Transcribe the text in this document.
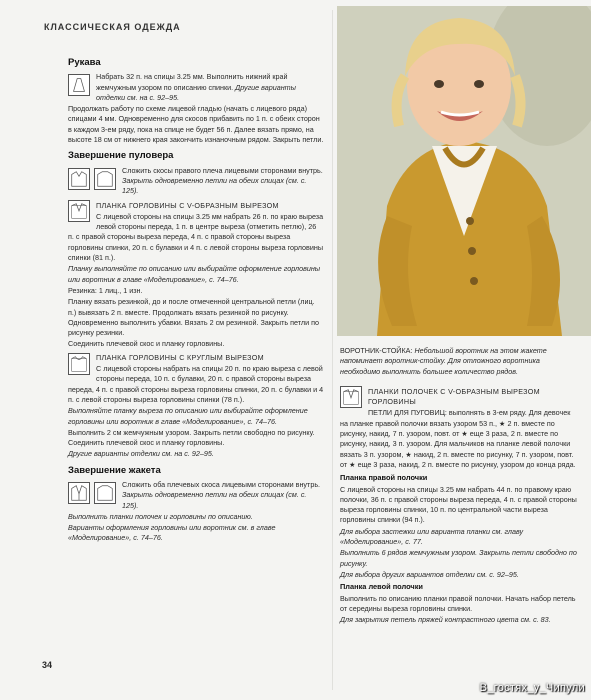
КЛАССИЧЕСКАЯ ОДЕЖДА
Рукава

Набрать 32 п. на спицы 3.25 мм. Выполнить нижний край жемчужным узором по описанию спинки. Другие варианты отделки см. на с. 92–95.

Продолжать работу по схеме лицевой гладью (начать с лицевого ряда) спицами 4 мм. Одновременно для скосов прибавить по 1 п. с обеих сторон в каждом 3-ем ряду, пока на спице не будет 56 п. Далее вязать прямо, на высоте 18 см от нижнего края закончить изнаночным рядом. Закрыть петли.

Завершение пуловера

Сложить скосы правого плеча лицевыми сторонами внутрь. Закрыть одновременно петли на обеих спицах (см. с. 125).

ПЛАНКА ГОРЛОВИНЫ С V-ОБРАЗНЫМ ВЫРЕЗОМ

С лицевой стороны на спицы 3.25 мм набрать 26 п. по краю выреза левой стороны переда, 1 п. в центре выреза (отметить петлю), 26 п. с правой стороны выреза переда, 4 п. с правой стороны выреза горловины спинки, 20 п. с булавки и 4 п. с левой стороны выреза горловины спинки (81 п.).

Планку выполняйте по описанию или выбирайте оформление горловины или воротник в главе «Моделирование», с. 74–76.

Резинка: 1 лиц., 1 изн.

Планку вязать резинкой, до и после отмеченной центральной петли (лиц. п.) вывязать 2 п. вместе. Продолжать вязать резинкой по рисунку. Одновременно выполнить убавки. Вязать 2 см резинкой. Закрыть петли по рисунку резинки.

Соединить плечевой скос и планку горловины.

ПЛАНКА ГОРЛОВИНЫ С КРУГЛЫМ ВЫРЕЗОМ

С лицевой стороны набрать на спицы 20 п. по краю выреза с левой стороны переда, 10 п. с булавки, 20 п. с правой стороны выреза переда, 4 п. с правой стороны выреза горловины спинки, 20 п. с булавки и 4 п. с левой стороны выреза горловины спинки (78 п.).

Выполняйте планку выреза по описанию или выбирайте оформление горловины или воротник в главе «Моделирование», с. 74–76.

Выполнить 2 см жемчужным узором. Закрыть петли свободно по рисунку. Соединить плечевой скос и планку горловины.

Другие варианты отделки см. на с. 92–95.

Завершение жакета

Сложить оба плечевых скоса лицевыми сторонами внутрь. Закрыть одновременно петли на обеих спицах (см. с. 125).

Выполнить планки полочек и горловины по описанию.

Варианты оформления горловины или воротник см. в главе «Моделирование», с. 74–76.

34

ВОРОТНИК-СТОЙКА: Небольшой воротник на этом жакете напоминает воротник-стойку. Для отложного воротника необходимо выполнить большее количество рядов.

ПЛАНКИ ПОЛОЧЕК С V-ОБРАЗНЫМ ВЫРЕЗОМ ГОРЛОВИНЫ

ПЕТЛИ ДЛЯ ПУГОВИЦ: выполнять в 3-ем ряду. Для девочек на планке правой полочки вязать узором 53 п., ★ 2 п. вместе по рисунку, накид, 7 п. узором, повт. от ★ еще 3 раза, 2 п. вместе по рисунку, накид, 3 п. узором. Для мальчиков на планке левой полочки вязать 3 п. узором, ★ накид, 2 п. вместе по рисунку, 7 п. узором, повт. от ★ еще 3 раза, накид, 2 п. вместе по рисунку, узором до конца ряда.

Планка правой полочки

С лицевой стороны на спицы 3.25 мм набрать 44 п. по правому краю полочки, 36 п. с правой стороны выреза переда, 4 п. с правой стороны выреза горловины спинки, 10 п. по центральной части выреза горловины спинки (94 п.).

Для выбора застежки или варианта планки см. главу «Моделирование», с. 77.

Выполнить 6 рядов жемчужным узором. Закрыть петли свободно по рисунку.

Для выбора других вариантов отделки см. с. 92–95.

Планка левой полочки

Выполнить по описанию планки правой полочки. Начать набор петель от середины выреза горловины спинки.

Для закрытия петель пряжей контрастного цвета см. с. 83.

В_гостях_у_Чипули
